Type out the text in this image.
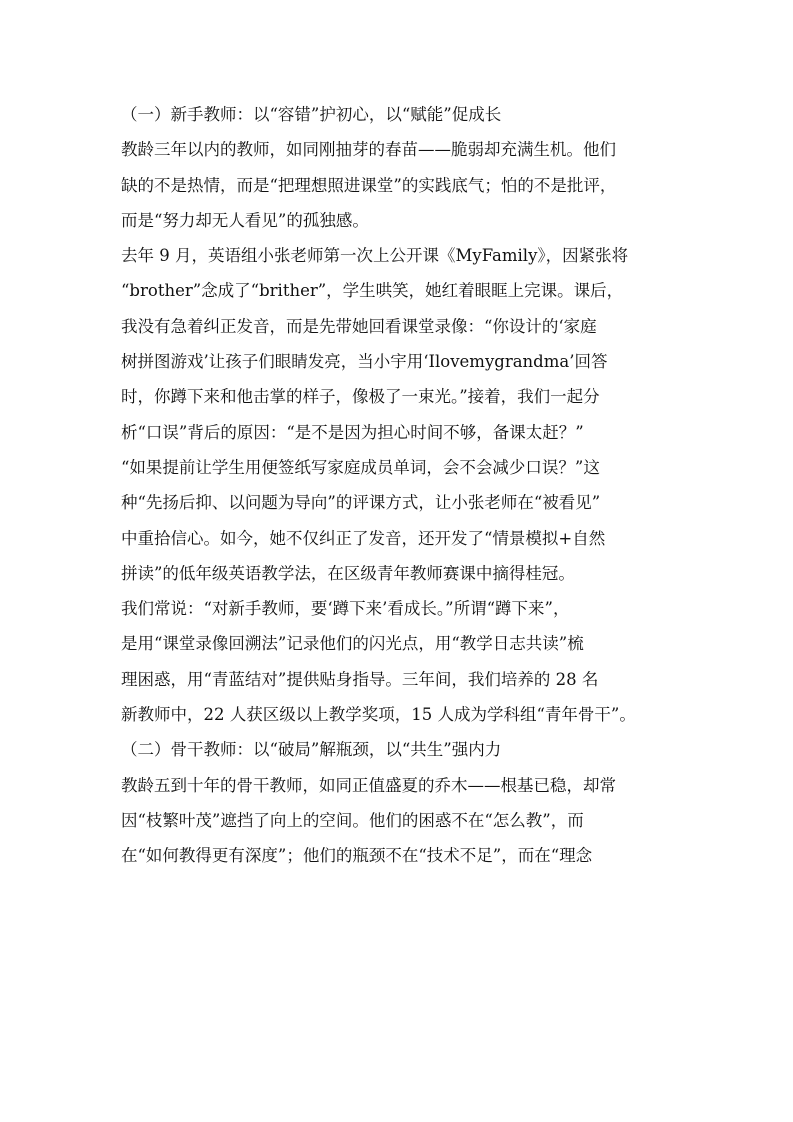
（一）新手教师：以“容错”护初心，以“赋能”促成长
教龄三年以内的教师，如同刚抽芽的春苗——脆弱却充满生机。他们
缺的不是热情，而是“把理想照进课堂”的实践底气；怕的不是批评，
而是“努力却无人看见”的孤独感。
去年 9 月，英语组小张老师第一次上公开课《MyFamily》，因紧张将
“brother”念成了“brither”，学生哄笑，她红着眼眶上完课。课后，
我没有急着纠正发音，而是先带她回看课堂录像：“你设计的‘家庭
树拼图游戏’让孩子们眼睛发亮，当小宇用‘Ilovemygrandma’回答
时，你蹲下来和他击掌的样子，像极了一束光。”接着，我们一起分
析“口误”背后的原因：“是不是因为担心时间不够，备课太赶？”
“如果提前让学生用便签纸写家庭成员单词，会不会减少口误？”这
种“先扬后抑、以问题为导向”的评课方式，让小张老师在“被看见”
中重拾信心。如今，她不仅纠正了发音，还开发了“情景模拟+自然
拼读”的低年级英语教学法，在区级青年教师赛课中摘得桂冠。
我们常说：“对新手教师，要‘蹲下来’看成长。”所谓“蹲下来”，
是用“课堂录像回溯法”记录他们的闪光点，用“教学日志共读”梳
理困惑，用“青蓝结对”提供贴身指导。三年间，我们培养的 28 名
新教师中，22 人获区级以上教学奖项，15 人成为学科组“青年骨干”。
（二）骨干教师：以“破局”解瓶颈，以“共生”强内力
教龄五到十年的骨干教师，如同正值盛夏的乔木——根基已稳，却常
因“枝繁叶茂”遮挡了向上的空间。他们的困惑不在“怎么教”，而
在“如何教得更有深度”；他们的瓶颈不在“技术不足”，而在“理念
